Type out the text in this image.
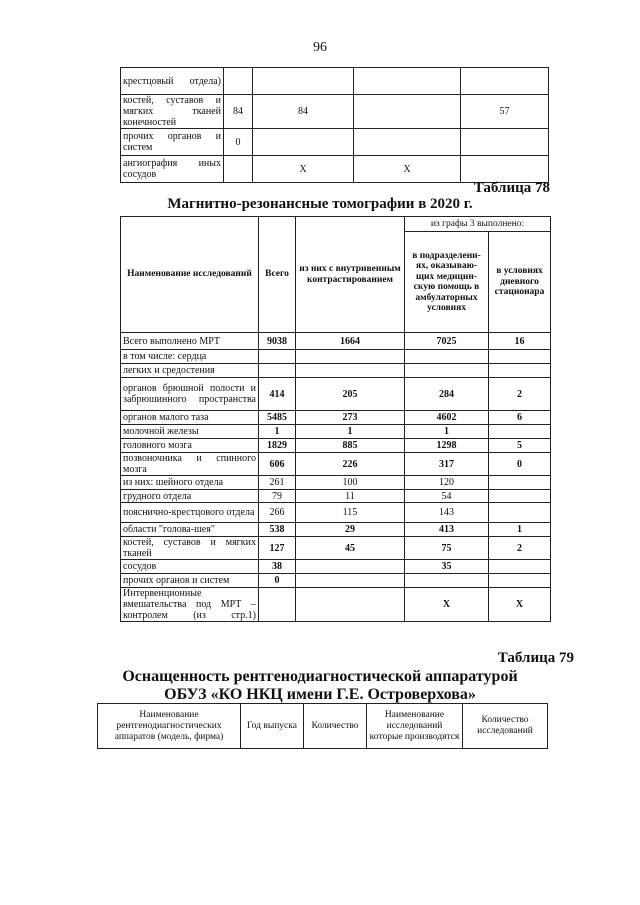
96
крестцовый отдела)				
костей, суставов и мягких тканей конечностей	84	84		57
прочих органов и систем	0			
ангиография иных сосудов		X	X	
Таблица 78
Магнитно-резонансные томографии в 2020 г.
Наименование исследований	Всего	из них с внутривенным контрастированием	из графы 3 выполнено:	
			в подразделени-ях, оказываю-щих медицин-скую помощь в амбулаторных условиях	в условиях дневного стационара
Всего выполнено МРТ	9038	1664	7025	16
в том числе: сердца				
легких и средостения				
органов брюшной полости и забрюшинного пространства	414	205	284	2
органов малого таза	5485	273	4602	6
молочной железы	1	1	1	
головного мозга	1829	885	1298	5
позвоночника и спинного мозга	606	226	317	0
из них: шейного отдела	261	100	120	
грудного отдела	79	11	54	
пояснично-крестцового отдела	266	115	143	
области "голова-шея"	538	29	413	1
костей, суставов и мягких тканей	127	45	75	2
сосудов	38		35	
прочих органов и систем	0			
Интервенционные вмешательства под МРТ – контролем (из стр.1)			X	X
Таблица 79
Оснащенность рентгенодиагностической аппаратурой
ОБУЗ «КО НКЦ имени Г.Е. Островерхова»
Наименование рентгенодиагностических аппаратов (модель, фирма)	Год выпуска	Количество	Наименование исследований которые производятся	Количество исследований
